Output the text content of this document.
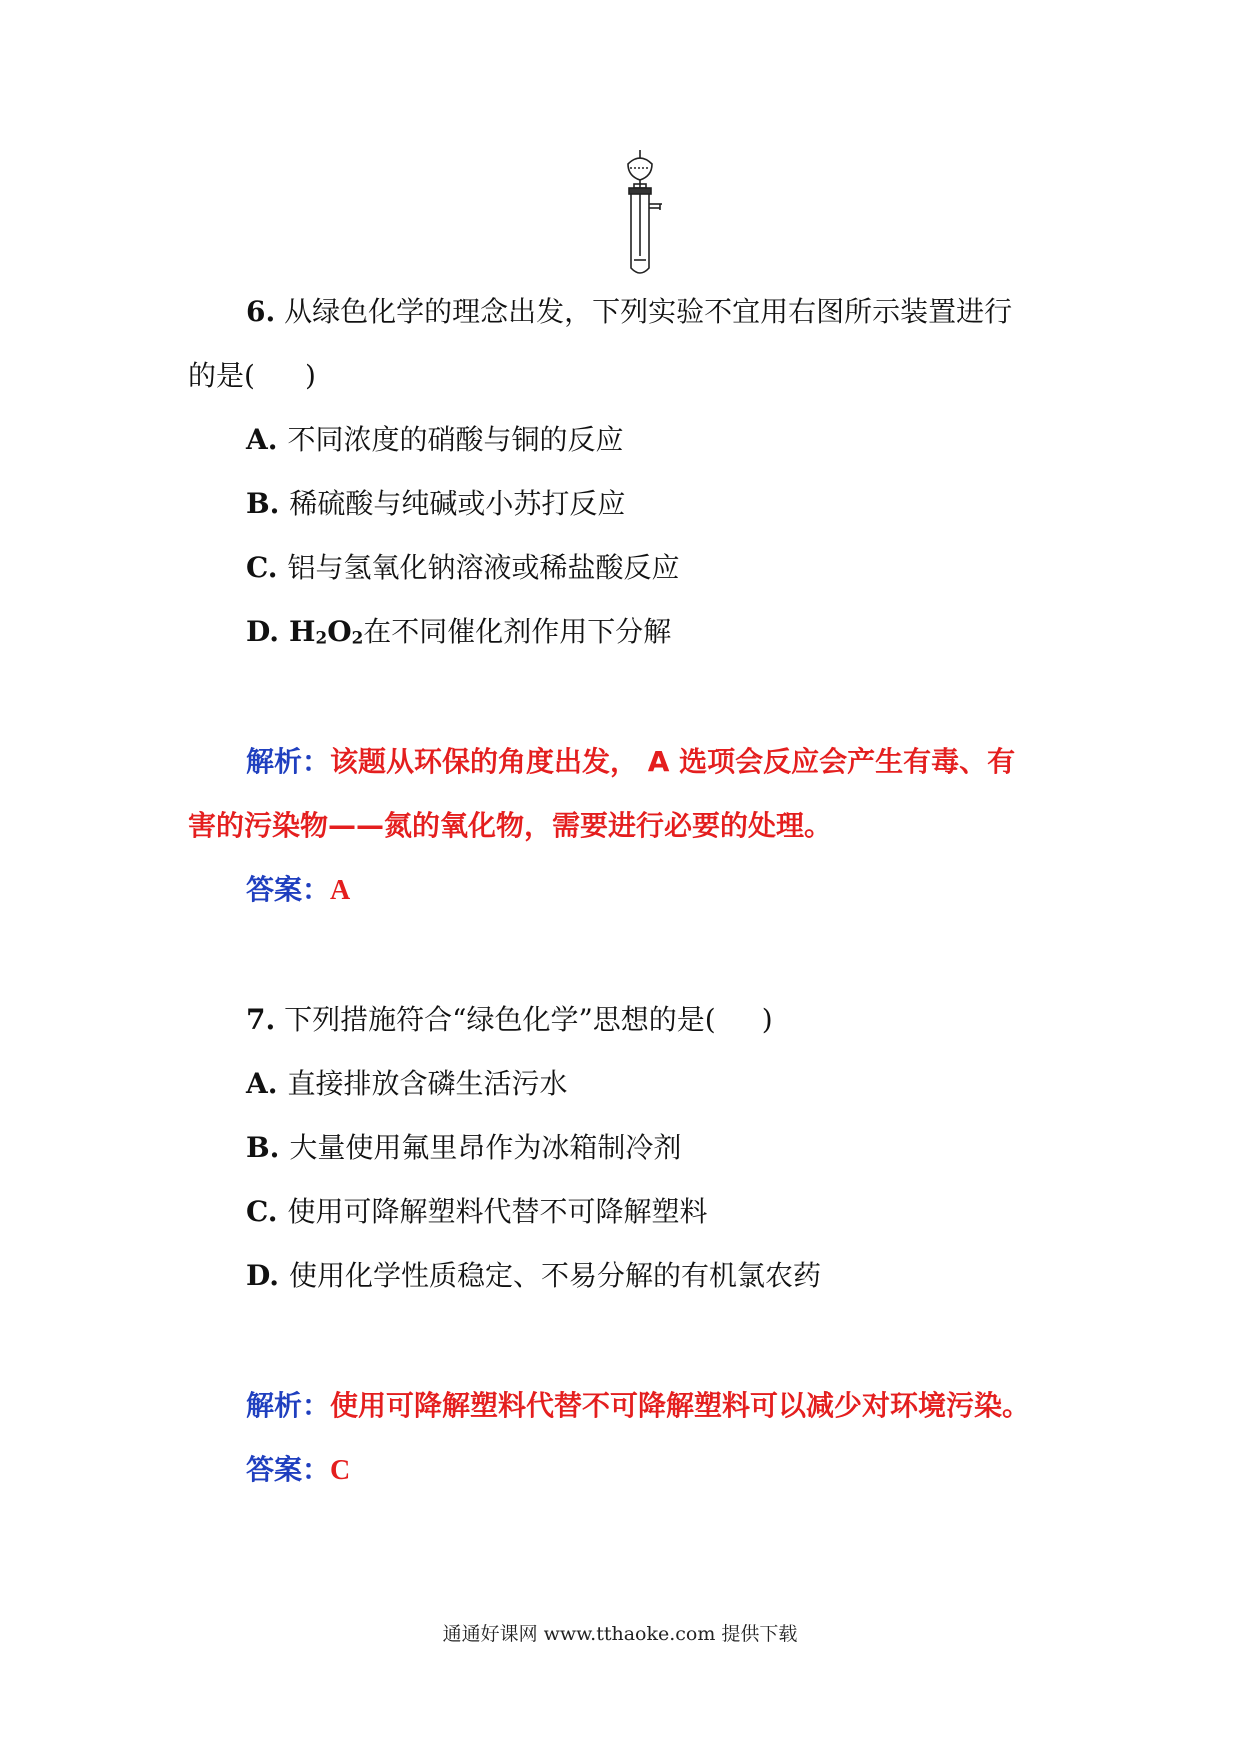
6. 从绿色化学的理念出发，下列实验不宜用右图所示装置进行
的是( )
A. 不同浓度的硝酸与铜的反应
B. 稀硫酸与纯碱或小苏打反应
C. 铝与氢氧化钠溶液或稀盐酸反应
D. $H_2O_2$在不同催化剂作用下分解
解析：该题从环保的角度出发， A 选项会反应会产生有毒、有
害的污染物——氮的氧化物，需要进行必要的处理。
答案：A
7. 下列措施符合“绿色化学”思想的是( )
A. 直接排放含磷生活污水
B. 大量使用氟里昂作为冰箱制冷剂
C. 使用可降解塑料代替不可降解塑料
D. 使用化学性质稳定、不易分解的有机氯农药
解析：使用可降解塑料代替不可降解塑料可以减少对环境污染。
答案：C
通通好课网 www.tthaoke.com 提供下载
